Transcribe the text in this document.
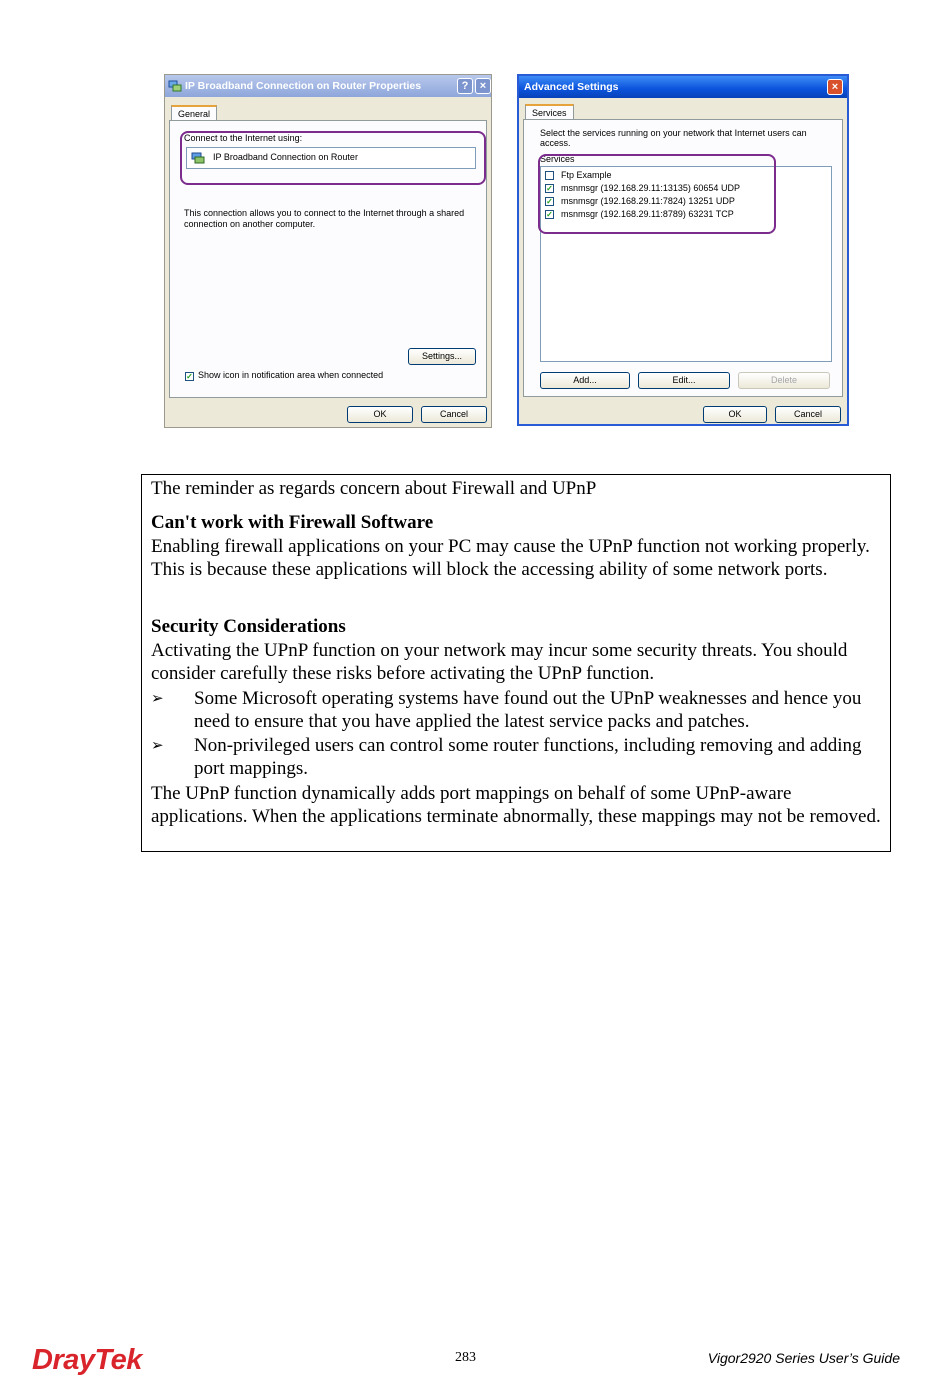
IP Broadband Connection on Router Properties	?	×
General
Connect to the Internet using:
IP Broadband Connection on Router
This connection allows you to connect to the Internet through a shared connection on another computer.
Settings...
✓ Show icon in notification area when connected
OK	Cancel
Advanced Settings	×
Services
Select the services running on your network that Internet users can access.
Services
Ftp Example
✓ msnmsgr (192.168.29.11:13135) 60654 UDP
✓ msnmsgr (192.168.29.11:7824) 13251 UDP
✓ msnmsgr (192.168.29.11:8789) 63231 TCP
Add...	Edit...	Delete
OK	Cancel
The reminder as regards concern about Firewall and UPnP
Can't work with Firewall Software
Enabling firewall applications on your PC may cause the UPnP function not working properly. This is because these applications will block the accessing ability of some network ports.
Security Considerations
Activating the UPnP function on your network may incur some security threats. You should consider carefully these risks before activating the UPnP function.
➢ Some Microsoft operating systems have found out the UPnP weaknesses and hence you need to ensure that you have applied the latest service packs and patches.
➢ Non-privileged users can control some router functions, including removing and adding port mappings.
The UPnP function dynamically adds port mappings on behalf of some UPnP-aware applications. When the applications terminate abnormally, these mappings may not be removed.
DrayTek	283	Vigor2920 Series User’s Guide
